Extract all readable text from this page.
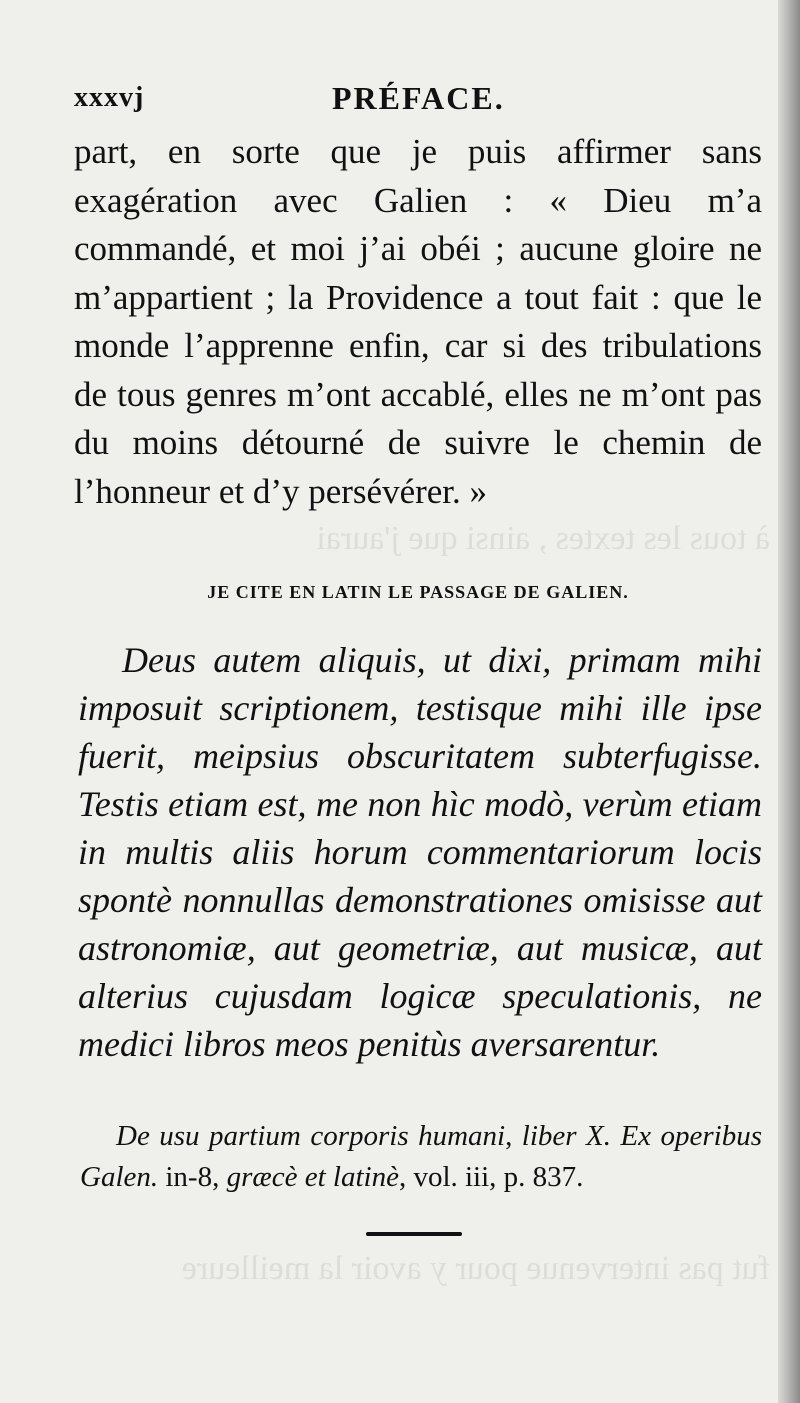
à tous les textes , ainsi que j'aurai
fut pas intervenue pour y avoir la meilleure
xxxvj	PRÉFACE.

part, en sorte que je puis affirmer sans exagération avec Galien : « Dieu m’a commandé, et moi j’ai obéi ; aucune gloire ne m’appartient ; la Providence a tout fait : que le monde l’apprenne enfin, car si des tribulations de tous genres m’ont accablé, elles ne m’ont pas du moins détourné de suivre le chemin de l’honneur et d’y persévérer. »

JE CITE EN LATIN LE PASSAGE DE GALIEN.

Deus autem aliquis, ut dixi, primam mihi imposuit scriptionem, testisque mihi ille ipse fuerit, meipsius obscuritatem subterfugisse. Testis etiam est, me non hìc modò, verùm etiam in multis aliis horum commentariorum locis spontè nonnullas demonstrationes omisisse aut astronomiæ, aut geometriæ, aut musicæ, aut alterius cujusdam logicæ speculationis, ne medici libros meos penitùs aversarentur.

De usu partium corporis humani, liber X. Ex operibus Galen. in-8, græcè et latinè, vol. iii, p. 837.
